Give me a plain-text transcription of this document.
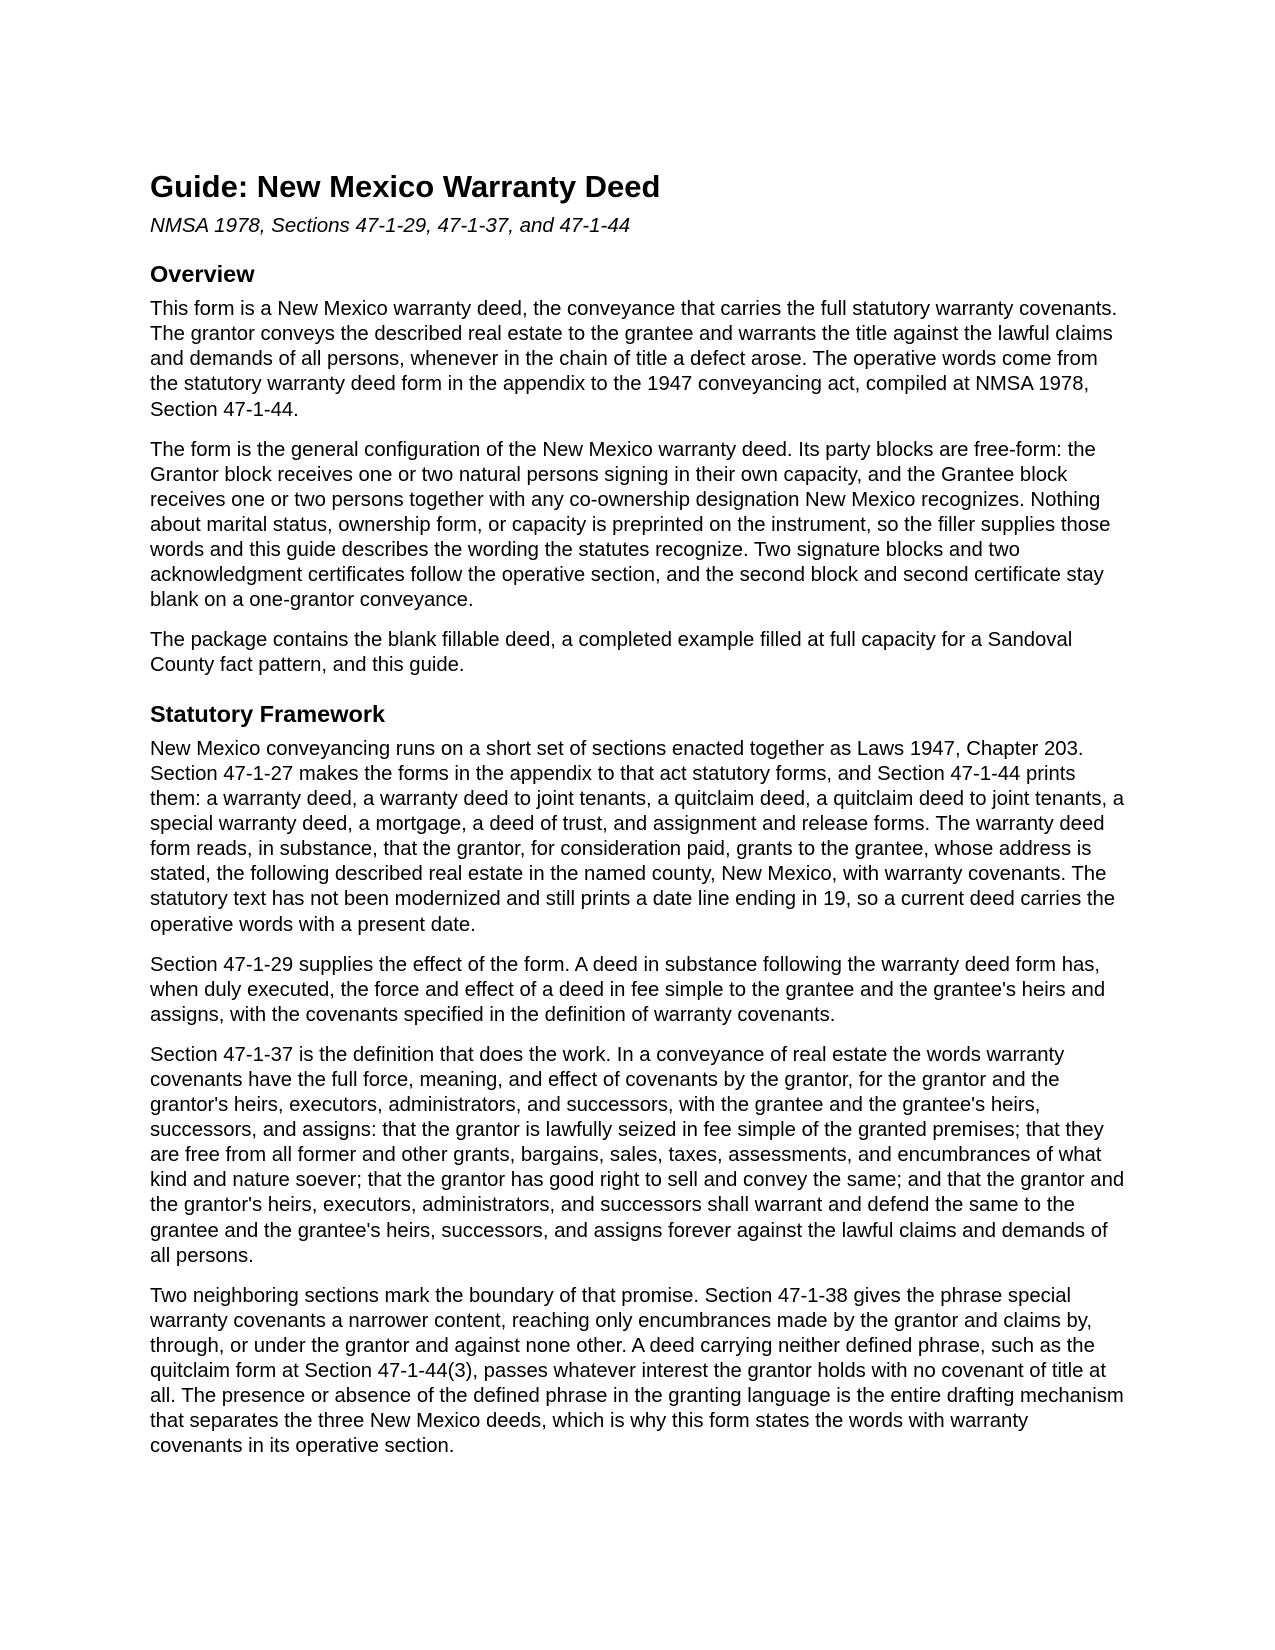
Guide: New Mexico Warranty Deed
NMSA 1978, Sections 47-1-29, 47-1-37, and 47-1-44
Overview

This form is a New Mexico warranty deed, the conveyance that carries the full statutory warranty covenants. The grantor conveys the described real estate to the grantee and warrants the title against the lawful claims and demands of all persons, whenever in the chain of title a defect arose. The operative words come from the statutory warranty deed form in the appendix to the 1947 conveyancing act, compiled at NMSA 1978, Section 47-1-44.

The form is the general configuration of the New Mexico warranty deed. Its party blocks are free-form: the Grantor block receives one or two natural persons signing in their own capacity, and the Grantee block receives one or two persons together with any co-ownership designation New Mexico recognizes. Nothing about marital status, ownership form, or capacity is preprinted on the instrument, so the filler supplies those words and this guide describes the wording the statutes recognize. Two signature blocks and two acknowledgment certificates follow the operative section, and the second block and second certificate stay blank on a one-grantor conveyance.

The package contains the blank fillable deed, a completed example filled at full capacity for a Sandoval County fact pattern, and this guide.

Statutory Framework

New Mexico conveyancing runs on a short set of sections enacted together as Laws 1947, Chapter 203. Section 47-1-27 makes the forms in the appendix to that act statutory forms, and Section 47-1-44 prints them: a warranty deed, a warranty deed to joint tenants, a quitclaim deed, a quitclaim deed to joint tenants, a special warranty deed, a mortgage, a deed of trust, and assignment and release forms. The warranty deed form reads, in substance, that the grantor, for consideration paid, grants to the grantee, whose address is stated, the following described real estate in the named county, New Mexico, with warranty covenants. The statutory text has not been modernized and still prints a date line ending in 19, so a current deed carries the operative words with a present date.

Section 47-1-29 supplies the effect of the form. A deed in substance following the warranty deed form has, when duly executed, the force and effect of a deed in fee simple to the grantee and the grantee's heirs and assigns, with the covenants specified in the definition of warranty covenants.

Section 47-1-37 is the definition that does the work. In a conveyance of real estate the words warranty covenants have the full force, meaning, and effect of covenants by the grantor, for the grantor and the grantor's heirs, executors, administrators, and successors, with the grantee and the grantee's heirs, successors, and assigns: that the grantor is lawfully seized in fee simple of the granted premises; that they are free from all former and other grants, bargains, sales, taxes, assessments, and encumbrances of what kind and nature soever; that the grantor has good right to sell and convey the same; and that the grantor and the grantor's heirs, executors, administrators, and successors shall warrant and defend the same to the grantee and the grantee's heirs, successors, and assigns forever against the lawful claims and demands of all persons.

Two neighboring sections mark the boundary of that promise. Section 47-1-38 gives the phrase special warranty covenants a narrower content, reaching only encumbrances made by the grantor and claims by, through, or under the grantor and against none other. A deed carrying neither defined phrase, such as the quitclaim form at Section 47-1-44(3), passes whatever interest the grantor holds with no covenant of title at all. The presence or absence of the defined phrase in the granting language is the entire drafting mechanism that separates the three New Mexico deeds, which is why this form states the words with warranty covenants in its operative section.
